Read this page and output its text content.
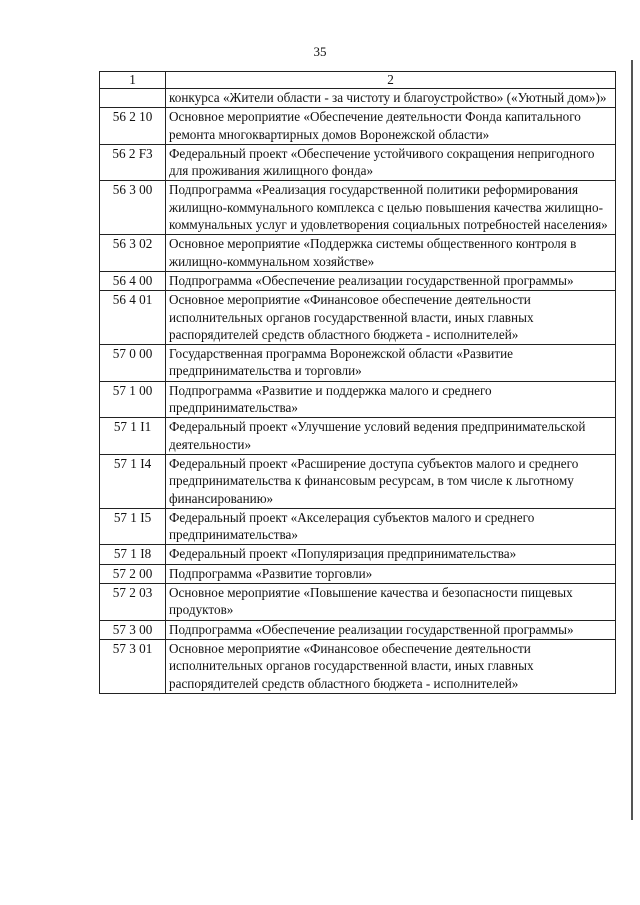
35
1	2
	конкурса «Жители области - за чистоту и благоустройство» («Уютный дом»)»
56 2 10	Основное мероприятие «Обеспечение деятельности Фонда капитального ремонта многоквартирных домов Воронежской области»
56 2 F3	Федеральный проект «Обеспечение устойчивого сокращения непригодного для проживания жилищного фонда»
56 3 00	Подпрограмма «Реализация государственной политики реформирования жилищно-коммунального комплекса с целью повышения качества жилищно-коммунальных услуг и удовлетворения социальных потребностей населения»
56 3 02	Основное мероприятие «Поддержка системы общественного контроля в жилищно-коммунальном хозяйстве»
56 4 00	Подпрограмма «Обеспечение реализации государственной программы»
56 4 01	Основное мероприятие «Финансовое обеспечение деятельности исполнительных органов государственной власти, иных главных распорядителей средств областного бюджета - исполнителей»
57 0 00	Государственная программа Воронежской области «Развитие предпринимательства и торговли»
57 1 00	Подпрограмма «Развитие и поддержка малого и среднего предпринимательства»
57 1 I1	Федеральный проект «Улучшение условий ведения предпринимательской деятельности»
57 1 I4	Федеральный проект «Расширение доступа субъектов малого и среднего предпринимательства к финансовым ресурсам, в том числе к льготному финансированию»
57 1 I5	Федеральный проект «Акселерация субъектов малого и среднего предпринимательства»
57 1 I8	Федеральный проект «Популяризация предпринимательства»
57 2 00	Подпрограмма «Развитие торговли»
57 2 03	Основное мероприятие «Повышение качества и безопасности пищевых продуктов»
57 3 00	Подпрограмма «Обеспечение реализации государственной программы»
57 3 01	Основное мероприятие «Финансовое обеспечение деятельности исполнительных органов государственной власти, иных главных распорядителей средств областного бюджета - исполнителей»
